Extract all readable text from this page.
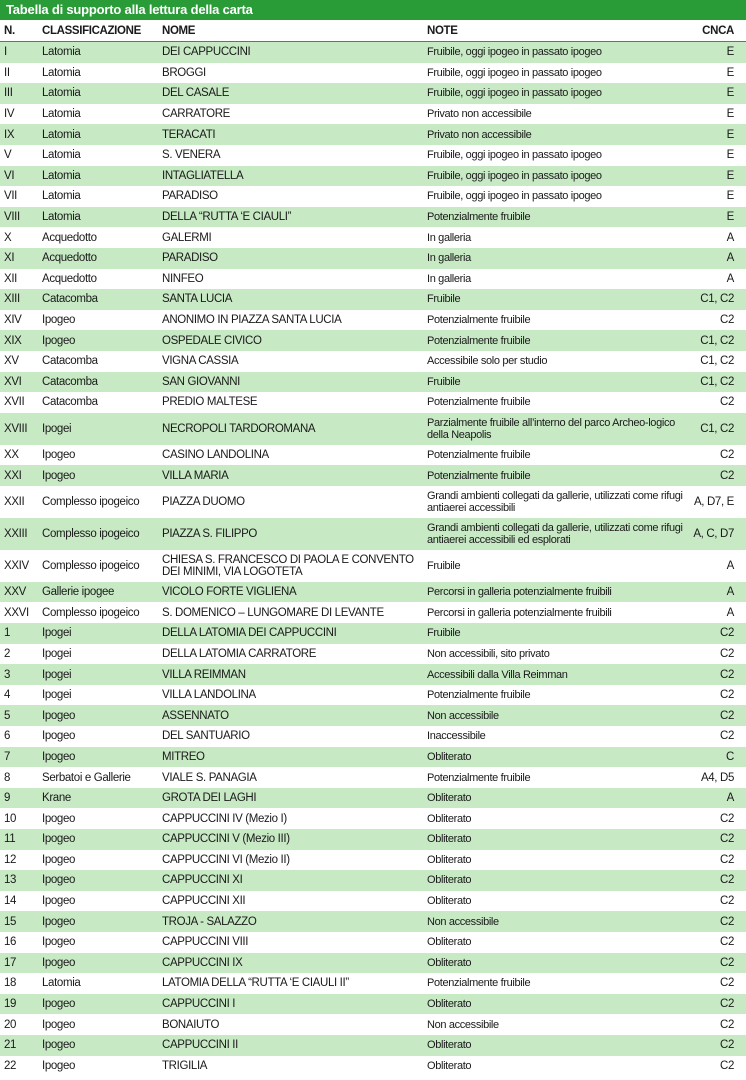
Tabella di supporto alla lettura della carta
N.	CLASSIFICAZIONE	NOME	NOTE	CNCA
I	Latomia	DEI CAPPUCCINI	Fruibile, oggi ipogeo in passato ipogeo	E
II	Latomia	BROGGI	Fruibile, oggi ipogeo in passato ipogeo	E
III	Latomia	DEL CASALE	Fruibile, oggi ipogeo in passato ipogeo	E
IV	Latomia	CARRATORE	Privato non accessibile	E
IX	Latomia	TERACATI	Privato non accessibile	E
V	Latomia	S. VENERA	Fruibile, oggi ipogeo in passato ipogeo	E
VI	Latomia	INTAGLIATELLA	Fruibile, oggi ipogeo in passato ipogeo	E
VII	Latomia	PARADISO	Fruibile, oggi ipogeo in passato ipogeo	E
VIII	Latomia	DELLA “RUTTA ‘E CIAULI”	Potenzialmente fruibile	E
X	Acquedotto	GALERMI	In galleria	A
XI	Acquedotto	PARADISO	In galleria	A
XII	Acquedotto	NINFEO	In galleria	A
XIII	Catacomba	SANTA LUCIA	Fruibile	C1, C2
XIV	Ipogeo	ANONIMO IN PIAZZA SANTA LUCIA	Potenzialmente fruibile	C2
XIX	Ipogeo	OSPEDALE CIVICO	Potenzialmente fruibile	C1, C2
XV	Catacomba	VIGNA CASSIA	Accessibile solo per studio	C1, C2
XVI	Catacomba	SAN GIOVANNI	Fruibile	C1, C2
XVII	Catacomba	PREDIO MALTESE	Potenzialmente fruibile	C2
XVIII	Ipogei	NECROPOLI TARDOROMANA	Parzialmente fruibile all’interno del parco Archeo-logico della Neapolis	C1, C2
XX	Ipogeo	CASINO LANDOLINA	Potenzialmente fruibile	C2
XXI	Ipogeo	VILLA MARIA	Potenzialmente fruibile	C2
XXII	Complesso ipogeico	PIAZZA DUOMO	Grandi ambienti collegati da gallerie, utilizzati come rifugi antiaerei accessibili	A, D7, E
XXIII	Complesso ipogeico	PIAZZA S. FILIPPO	Grandi ambienti collegati da gallerie, utilizzati come rifugi antiaerei accessibili ed esplorati	A, C, D7
XXIV	Complesso ipogeico	CHIESA S. FRANCESCO DI PAOLA E CONVENTO DEI MINIMI, VIA LOGOTETA	Fruibile	A
XXV	Gallerie ipogee	VICOLO FORTE VIGLIENA	Percorsi in galleria potenzialmente fruibili	A
XXVI	Complesso ipogeico	S. DOMENICO – LUNGOMARE DI LEVANTE	Percorsi in galleria potenzialmente fruibili	A
1	Ipogei	DELLA LATOMIA DEI CAPPUCCINI	Fruibile	C2
2	Ipogei	DELLA LATOMIA CARRATORE	Non accessibili, sito privato	C2
3	Ipogei	VILLA REIMMAN	Accessibili dalla Villa Reimman	C2
4	Ipogei	VILLA LANDOLINA	Potenzialmente fruibile	C2
5	Ipogeo	ASSENNATO	Non accessibile	C2
6	Ipogeo	DEL SANTUARIO	Inaccessibile	C2
7	Ipogeo	MITREO	Obliterato	C
8	Serbatoi e Gallerie	VIALE S. PANAGIA	Potenzialmente fruibile	A4, D5
9	Krane	GROTA DEI LAGHI	Obliterato	A
10	Ipogeo	CAPPUCCINI IV (Mezio I)	Obliterato	C2
11	Ipogeo	CAPPUCCINI V (Mezio III)	Obliterato	C2
12	Ipogeo	CAPPUCCINI VI (Mezio II)	Obliterato	C2
13	Ipogeo	CAPPUCCINI XI	Obliterato	C2
14	Ipogeo	CAPPUCCINI XII	Obliterato	C2
15	Ipogeo	TROJA - SALAZZO	Non accessibile	C2
16	Ipogeo	CAPPUCCINI VIII	Obliterato	C2
17	Ipogeo	CAPPUCCINI IX	Obliterato	C2
18	Latomia	LATOMIA DELLA “RUTTA ‘E CIAULI II”	Potenzialmente fruibile	C2
19	Ipogeo	CAPPUCCINI I	Obliterato	C2
20	Ipogeo	BONAIUTO	Non accessibile	C2
21	Ipogeo	CAPPUCCINI II	Obliterato	C2
22	Ipogeo	TRIGILIA	Obliterato	C2
